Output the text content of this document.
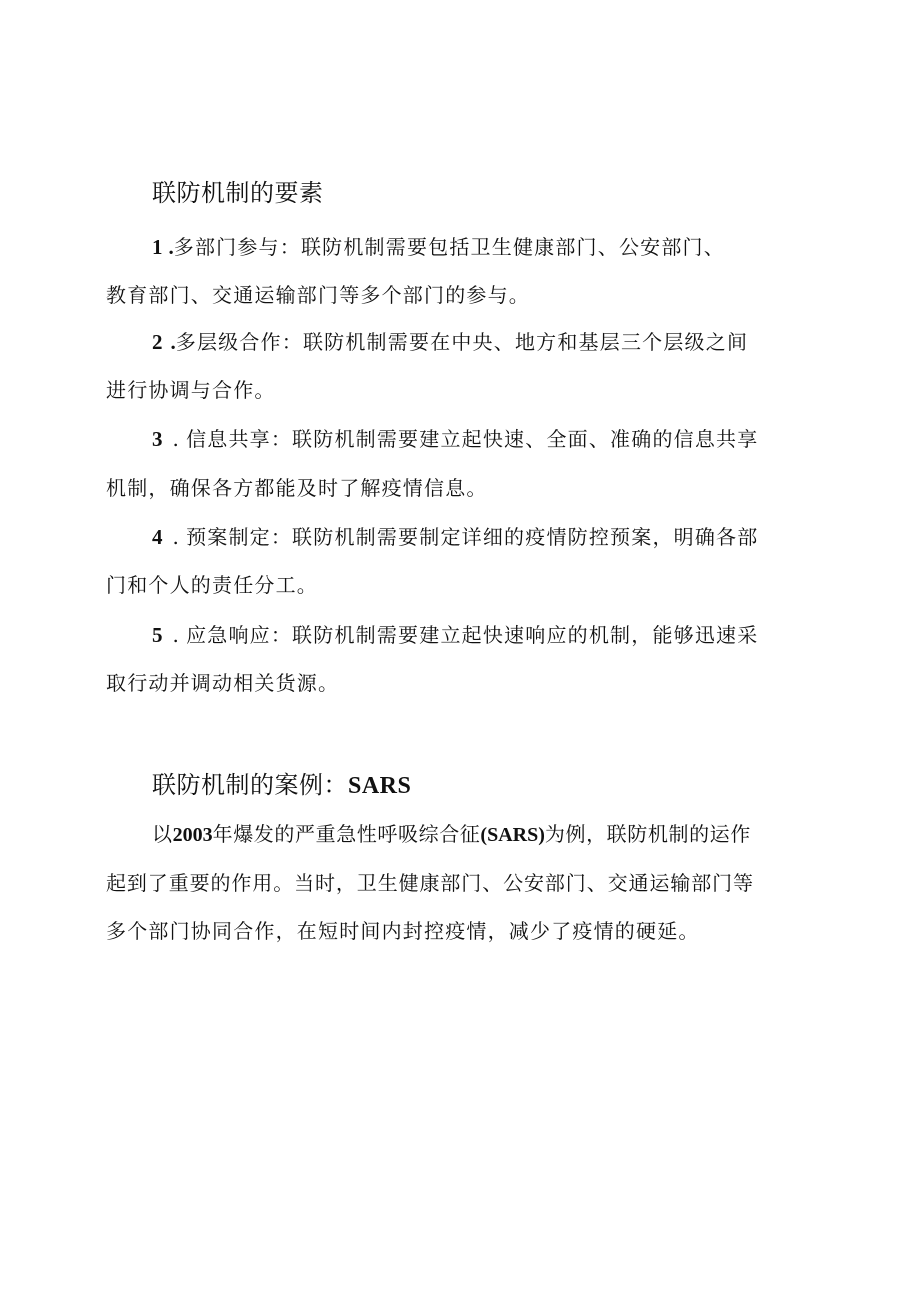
联防机制的要素
1 .多部门参与：联防机制需要包括卫生健康部门、公安部门、
教育部门、交通运输部门等多个部门的参与。
2 .多层级合作：联防机制需要在中央、地方和基层三个层级之间
进行协调与合作。
3 . 信息共享：联防机制需要建立起快速、全面、准确的信息共享
机制，确保各方都能及时了解疫情信息。
4 . 预案制定：联防机制需要制定详细的疫情防控预案，明确各部
门和个人的责任分工。
5 . 应急响应：联防机制需要建立起快速响应的机制，能够迅速采
取行动并调动相关货源。
联防机制的案例：SARS
以2003年爆发的严重急性呼吸综合征(SARS)为例，联防机制的运作
起到了重要的作用。当时，卫生健康部门、公安部门、交通运输部门等
多个部门协同合作，在短时间内封控疫情，减少了疫情的硬延。
